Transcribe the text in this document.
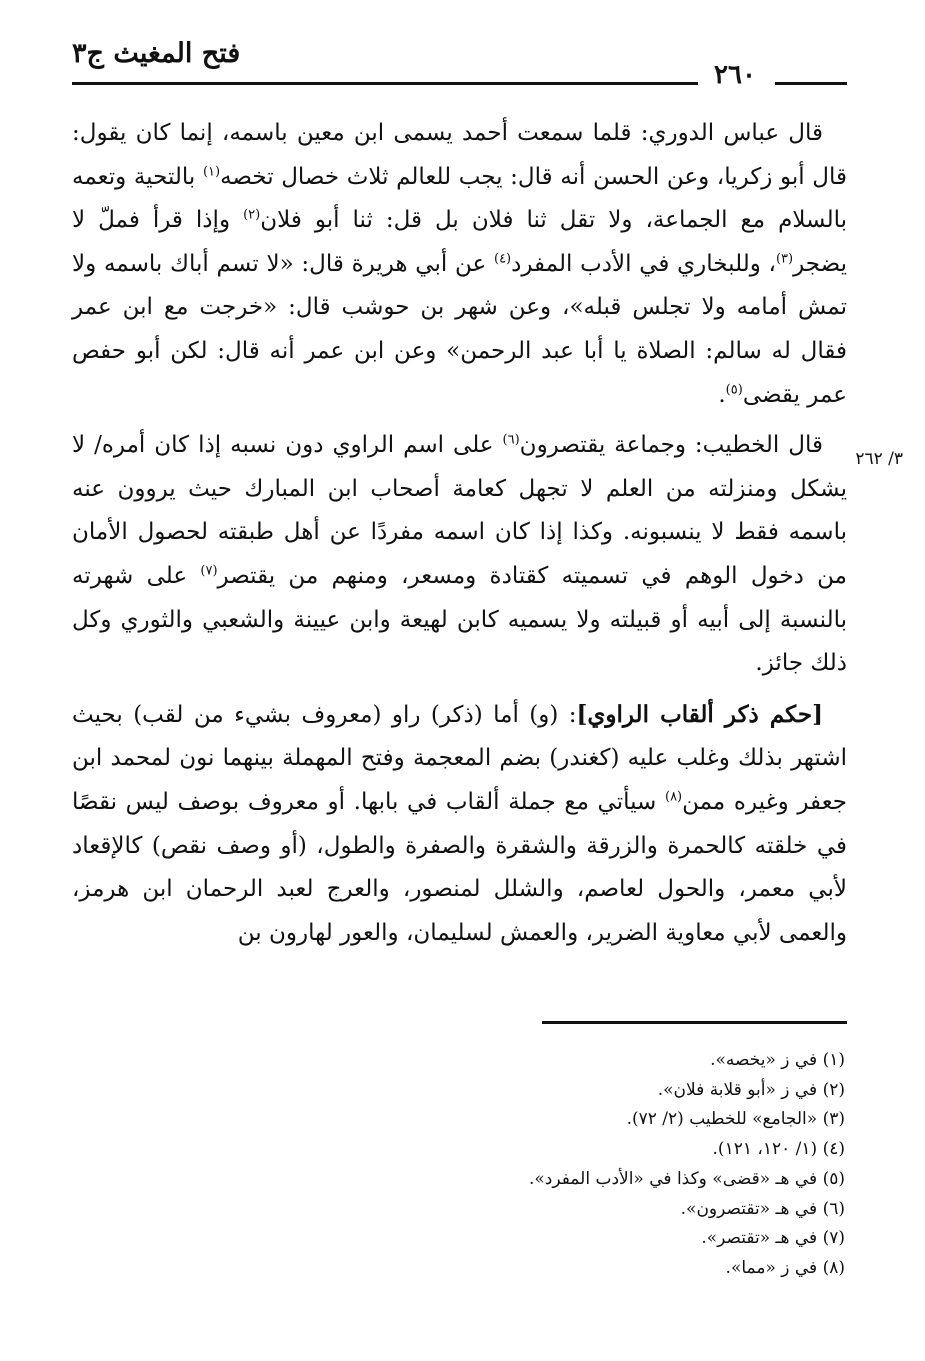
فتح المغيث ج٣
٢٦٠
٣/ ٢٦٢

قال عباس الدوري: قلما سمعت أحمد يسمى ابن معين باسمه، إنما كان يقول: قال أبو زكريا، وعن الحسن أنه قال: يجب للعالم ثلاث خصال تخصه$^{(١)}$ بالتحية وتعمه بالسلام مع الجماعة، ولا تقل ثنا فلان بل قل: ثنا أبو فلان$^{(٢)}$ وإذا قرأ فملّ لا يضجر$^{(٣)}$، وللبخاري في الأدب المفرد$^{(٤)}$ عن أبي هريرة قال: «لا تسم أباك باسمه ولا تمش أمامه ولا تجلس قبله»، وعن شهر بن حوشب قال: «خرجت مع ابن عمر فقال له سالم: الصلاة يا أبا عبد الرحمن» وعن ابن عمر أنه قال: لكن أبو حفص عمر يقضى$^{(٥)}$.

قال الخطيب: وجماعة يقتصرون$^{(٦)}$ على اسم الراوي دون نسبه إذا كان أمره/ لا يشكل ومنزلته من العلم لا تجهل كعامة أصحاب ابن المبارك حيث يروون عنه باسمه فقط لا ينسبونه. وكذا إذا كان اسمه مفردًا عن أهل طبقته لحصول الأمان من دخول الوهم في تسميته كقتادة ومسعر، ومنهم من يقتصر$^{(٧)}$ على شهرته بالنسبة إلى أبيه أو قبيلته ولا يسميه كابن لهيعة وابن عيينة والشعبي والثوري وكل ذلك جائز.

[حكم ذكر ألقاب الراوي]: (و) أما (ذكر) راو (معروف بشيء من لقب) بحيث اشتهر بذلك وغلب عليه (كغندر) بضم المعجمة وفتح المهملة بينهما نون لمحمد ابن جعفر وغيره ممن$^{(٨)}$ سيأتي مع جملة ألقاب في بابها. أو معروف بوصف ليس نقصًا في خلقته كالحمرة والزرقة والشقرة والصفرة والطول، (أو وصف نقص) كالإقعاد لأبي معمر، والحول لعاصم، والشلل لمنصور، والعرج لعبد الرحمان ابن هرمز، والعمى لأبي معاوية الضرير، والعمش لسليمان، والعور لهارون بن

(١) في ز «يخصه».

(٢) في ز «أبو قلابة فلان».

(٣) «الجامع» للخطيب (٢/ ٧٢).

(٤) (١/ ١٢٠، ١٢١).

(٥) في هـ «قضى» وكذا في «الأدب المفرد».

(٦) في هـ «تقتصرون».

(٧) في هـ «تقتصر».

(٨) في ز «مما».
